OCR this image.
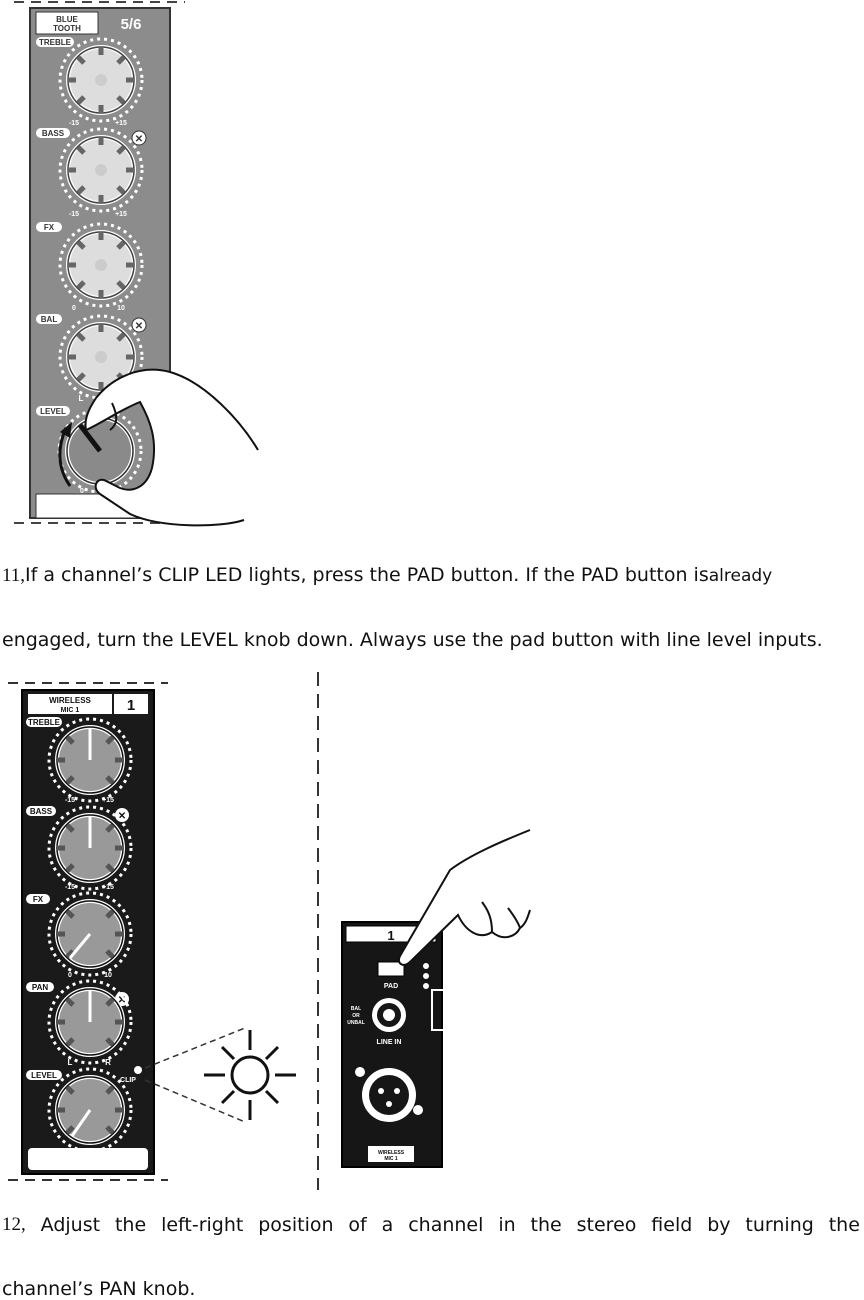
BLUE
TOOTH	5/6
TREBLE
-15	+15
BASS
✕
-15	+15
FX
0	10
BAL
✕
L
LEVEL
0
11,If a channel’s CLIP LED lights, press the PAD button. If the PAD button isalready
engaged, turn the LEVEL knob down. Always use the pad button with line level inputs.
WIRELESS
MIC 1	1
TREBLE
-15	+15
BASS	✕
-15	+15
FX
0	10
PAN
✕
L	R
LEVEL
0	10
CLIP
1
PAD
BAL
OR
UNBAL
LINE IN
WIRELESS
MIC 1
12, Adjust the left-right position of a channel in the stereo field by turning the
channel’s PAN knob.
